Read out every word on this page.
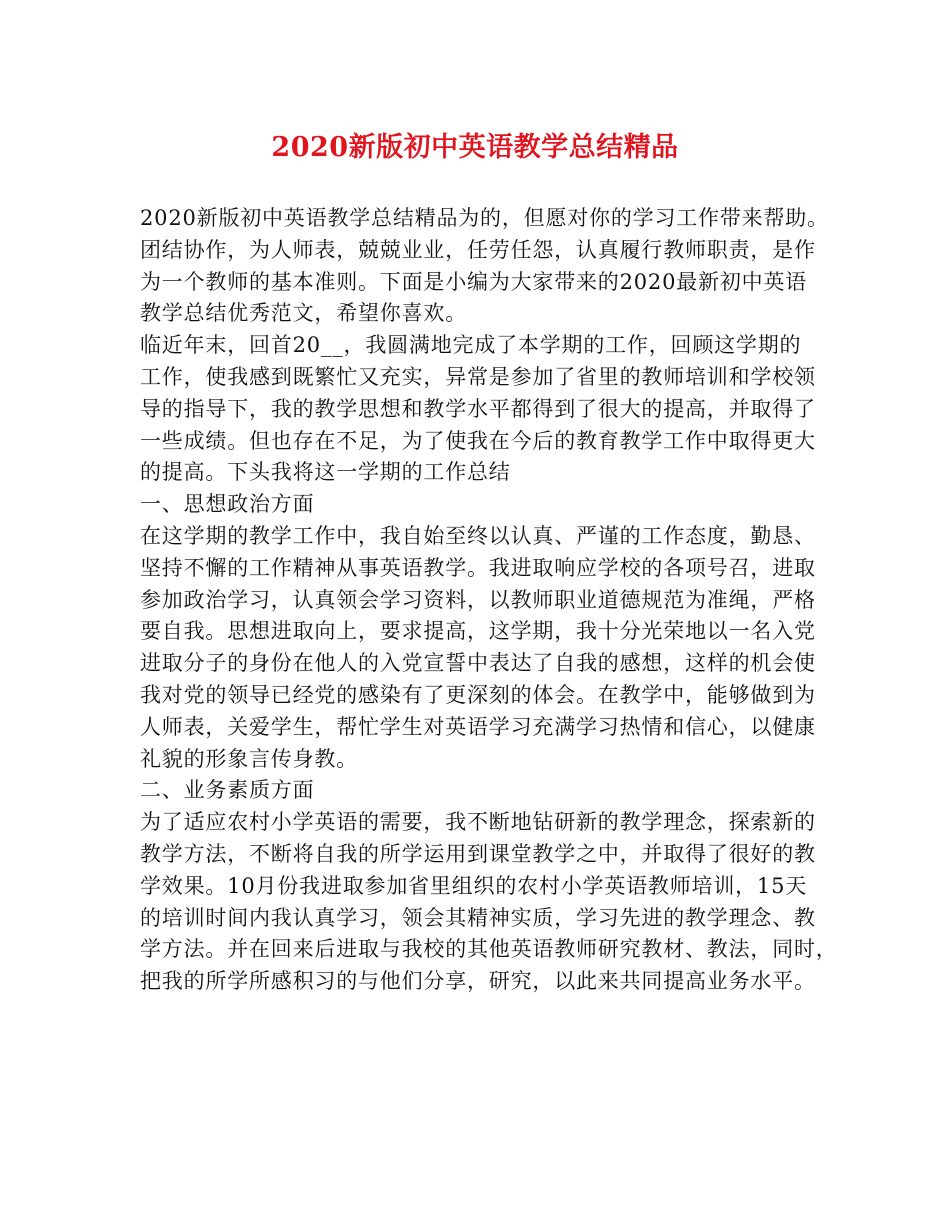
2020新版初中英语教学总结精品
2020新版初中英语教学总结精品为的，但愿对你的学习工作带来帮助。
团结协作，为人师表，兢兢业业，任劳任怨，认真履行教师职责，是作
为一个教师的基本准则。下面是小编为大家带来的2020最新初中英语
教学总结优秀范文，希望你喜欢。
临近年末，回首20__，我圆满地完成了本学期的工作，回顾这学期的
工作，使我感到既繁忙又充实，异常是参加了省里的教师培训和学校领
导的指导下，我的教学思想和教学水平都得到了很大的提高，并取得了
一些成绩。但也存在不足，为了使我在今后的教育教学工作中取得更大
的提高。下头我将这一学期的工作总结
一、思想政治方面
在这学期的教学工作中，我自始至终以认真、严谨的工作态度，勤恳、
坚持不懈的工作精神从事英语教学。我进取响应学校的各项号召，进取
参加政治学习，认真领会学习资料，以教师职业道德规范为准绳，严格
要自我。思想进取向上，要求提高，这学期，我十分光荣地以一名入党
进取分子的身份在他人的入党宣誓中表达了自我的感想，这样的机会使
我对党的领导已经党的感染有了更深刻的体会。在教学中，能够做到为
人师表，关爱学生，帮忙学生对英语学习充满学习热情和信心，以健康
礼貌的形象言传身教。
二、业务素质方面
为了适应农村小学英语的需要，我不断地钻研新的教学理念，探索新的
教学方法，不断将自我的所学运用到课堂教学之中，并取得了很好的教
学效果。10月份我进取参加省里组织的农村小学英语教师培训，15天
的培训时间内我认真学习，领会其精神实质，学习先进的教学理念、教
学方法。并在回来后进取与我校的其他英语教师研究教材、教法，同时，
把我的所学所感积习的与他们分享，研究，以此来共同提高业务水平。
